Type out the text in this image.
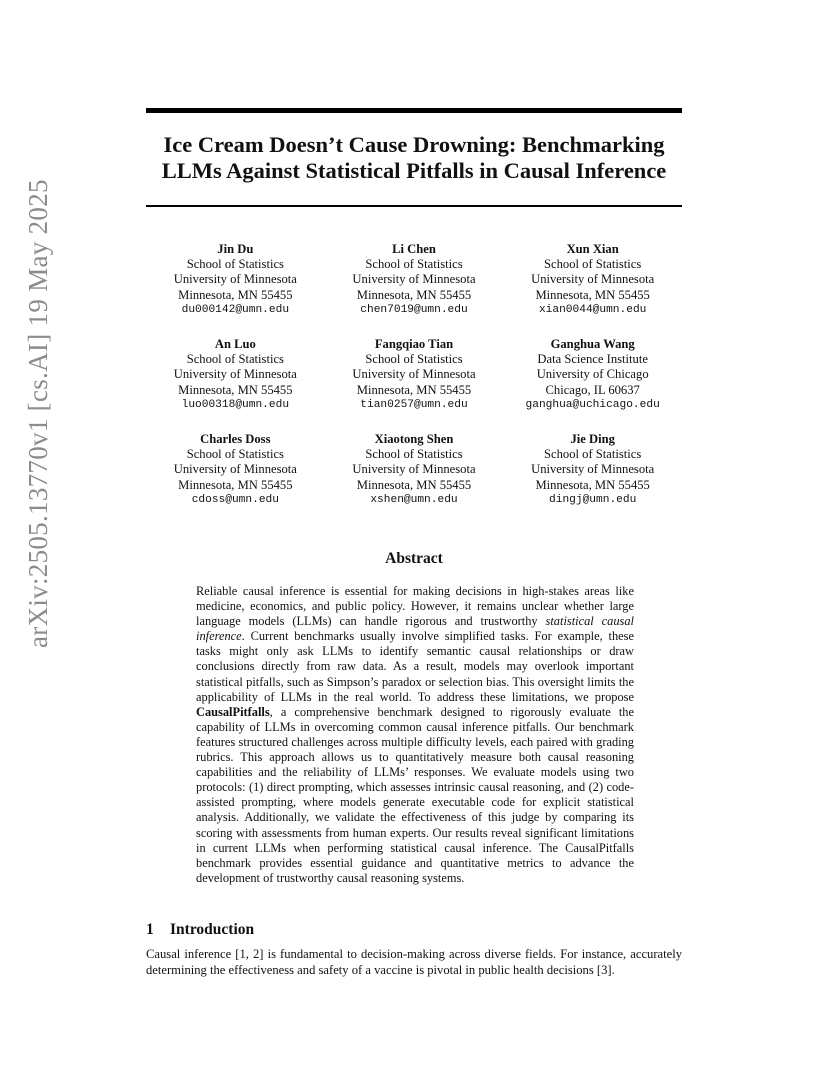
Ice Cream Doesn’t Cause Drowning: Benchmarking LLMs Against Statistical Pitfalls in Causal Inference
arXiv:2505.13770v1 [cs.AI] 19 May 2025	Jin Du
School of Statistics
University of Minnesota
Minnesota, MN 55455
du000142@umn.edu
Li Chen
School of Statistics
University of Minnesota
Minnesota, MN 55455
chen7019@umn.edu
Xun Xian
School of Statistics
University of Minnesota
Minnesota, MN 55455
xian0044@umn.edu
An Luo
School of Statistics
University of Minnesota
Minnesota, MN 55455
luo00318@umn.edu
Fangqiao Tian
School of Statistics
University of Minnesota
Minnesota, MN 55455
tian0257@umn.edu
Ganghua Wang
Data Science Institute
University of Chicago
Chicago, IL 60637
ganghua@uchicago.edu
Charles Doss
School of Statistics
University of Minnesota
Minnesota, MN 55455
cdoss@umn.edu
Xiaotong Shen
School of Statistics
University of Minnesota
Minnesota, MN 55455
xshen@umn.edu
Jie Ding
School of Statistics
University of Minnesota
Minnesota, MN 55455
dingj@umn.edu
Abstract

Reliable causal inference is essential for making decisions in high-stakes areas like medicine, economics, and public policy. However, it remains unclear whether large language models (LLMs) can handle rigorous and trustworthy statistical causal inference. Current benchmarks usually involve simplified tasks. For example, these tasks might only ask LLMs to identify semantic causal relationships or draw conclusions directly from raw data. As a result, models may overlook important statistical pitfalls, such as Simpson’s paradox or selection bias. This oversight limits the applicability of LLMs in the real world. To address these limitations, we propose CausalPitfalls, a comprehensive benchmark designed to rigorously evaluate the capability of LLMs in overcoming common causal inference pitfalls. Our benchmark features structured challenges across multiple difficulty levels, each paired with grading rubrics. This approach allows us to quantitatively measure both causal reasoning capabilities and the reliability of LLMs’ responses. We evaluate models using two protocols: (1) direct prompting, which assesses intrinsic causal reasoning, and (2) code-assisted prompting, where models generate executable code for explicit statistical analysis. Additionally, we validate the effectiveness of this judge by comparing its scoring with assessments from human experts. Our results reveal significant limitations in current LLMs when performing statistical causal inference. The CausalPitfalls benchmark provides essential guidance and quantitative metrics to advance the development of trustworthy causal reasoning systems.

1 Introduction

Causal inference [1, 2] is fundamental to decision-making across diverse fields. For instance, accurately determining the effectiveness and safety of a vaccine is pivotal in public health decisions [3].
